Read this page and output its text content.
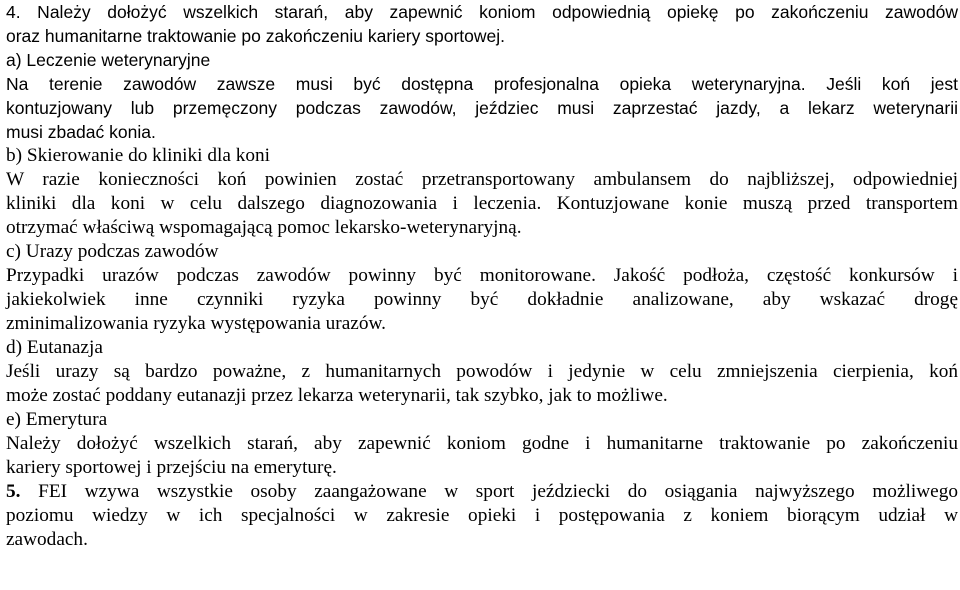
4. Należy dołożyć wszelkich starań, aby zapewnić koniom odpowiednią opiekę po zakończeniu zawodów
oraz humanitarne traktowanie po zakończeniu kariery sportowej.
a) Leczenie weterynaryjne
Na terenie zawodów zawsze musi być dostępna profesjonalna opieka weterynaryjna. Jeśli koń jest
kontuzjowany lub przemęczony podczas zawodów, jeździec musi zaprzestać jazdy, a lekarz weterynarii
musi zbadać konia.
b) Skierowanie do kliniki dla koni
W razie konieczności koń powinien zostać przetransportowany ambulansem do najbliższej, odpowiedniej
kliniki dla koni w celu dalszego diagnozowania i leczenia. Kontuzjowane konie muszą przed transportem
otrzymać właściwą wspomagającą pomoc lekarsko-weterynaryjną.
c) Urazy podczas zawodów
Przypadki urazów podczas zawodów powinny być monitorowane. Jakość podłoża, częstość konkursów i
jakiekolwiek inne czynniki ryzyka powinny być dokładnie analizowane, aby wskazać drogę
zminimalizowania ryzyka występowania urazów.
d) Eutanazja
Jeśli urazy są bardzo poważne, z humanitarnych powodów i jedynie w celu zmniejszenia cierpienia, koń
może zostać poddany eutanazji przez lekarza weterynarii, tak szybko, jak to możliwe.
e) Emerytura
Należy dołożyć wszelkich starań, aby zapewnić koniom godne i humanitarne traktowanie po zakończeniu
kariery sportowej i przejściu na emeryturę.
5. FEI wzywa wszystkie osoby zaangażowane w sport jeździecki do osiągania najwyższego możliwego
poziomu wiedzy w ich specjalności w zakresie opieki i postępowania z koniem biorącym udział w
zawodach.
